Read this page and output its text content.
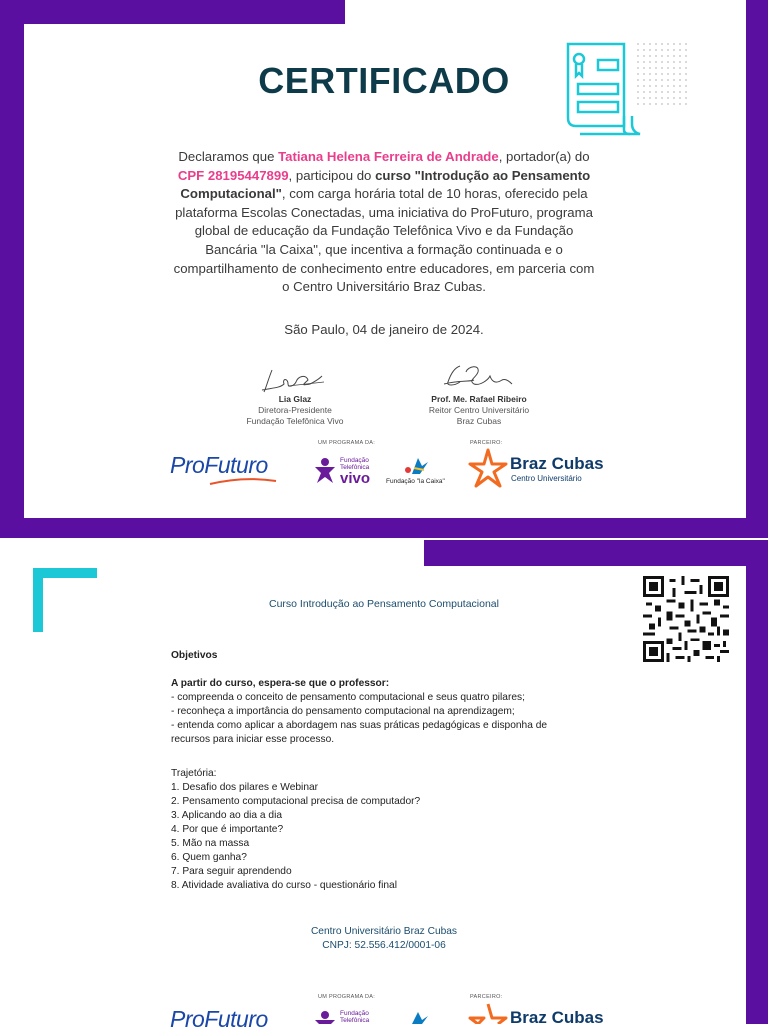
CERTIFICADO
Declaramos que Tatiana Helena Ferreira de Andrade, portador(a) do CPF 28195447899, participou do curso "Introdução ao Pensamento Computacional", com carga horária total de 10 horas, oferecido pela plataforma Escolas Conectadas, uma iniciativa do ProFuturo, programa global de educação da Fundação Telefônica Vivo e da Fundação Bancária "la Caixa", que incentiva a formação continuada e o compartilhamento de conhecimento entre educadores, em parceria com o Centro Universitário Braz Cubas.
São Paulo, 04 de janeiro de 2024.
Lia Glaz
Diretora-Presidente
Fundação Telefônica Vivo
Prof. Me. Rafael Ribeiro
Reitor Centro Universitário
Braz Cubas
UM PROGRAMA DA:	PARCEIRO:
ProFuturo	Fundação
Telefônica
vivo Fundação "la Caixa"
Braz Cubas
Centro Universitário
Curso Introdução ao Pensamento Computacional
Objetivos
A partir do curso, espera-se que o professor:
- compreenda o conceito de pensamento computacional e seus quatro pilares;
- reconheça a importância do pensamento computacional na aprendizagem;
- entenda como aplicar a abordagem nas suas práticas pedagógicas e disponha de
recursos para iniciar esse processo.
Trajetória:
1. Desafio dos pilares e Webinar
2. Pensamento computacional precisa de computador?
3. Aplicando ao dia a dia
4. Por que é importante?
5. Mão na massa
6. Quem ganha?
7. Para seguir aprendendo
8. Atividade avaliativa do curso - questionário final
Centro Universitário Braz Cubas
CNPJ: 52.556.412/0001-06
UM PROGRAMA DA:	PARCEIRO:
ProFuturo	Fundação
Telefônica	Braz Cubas
